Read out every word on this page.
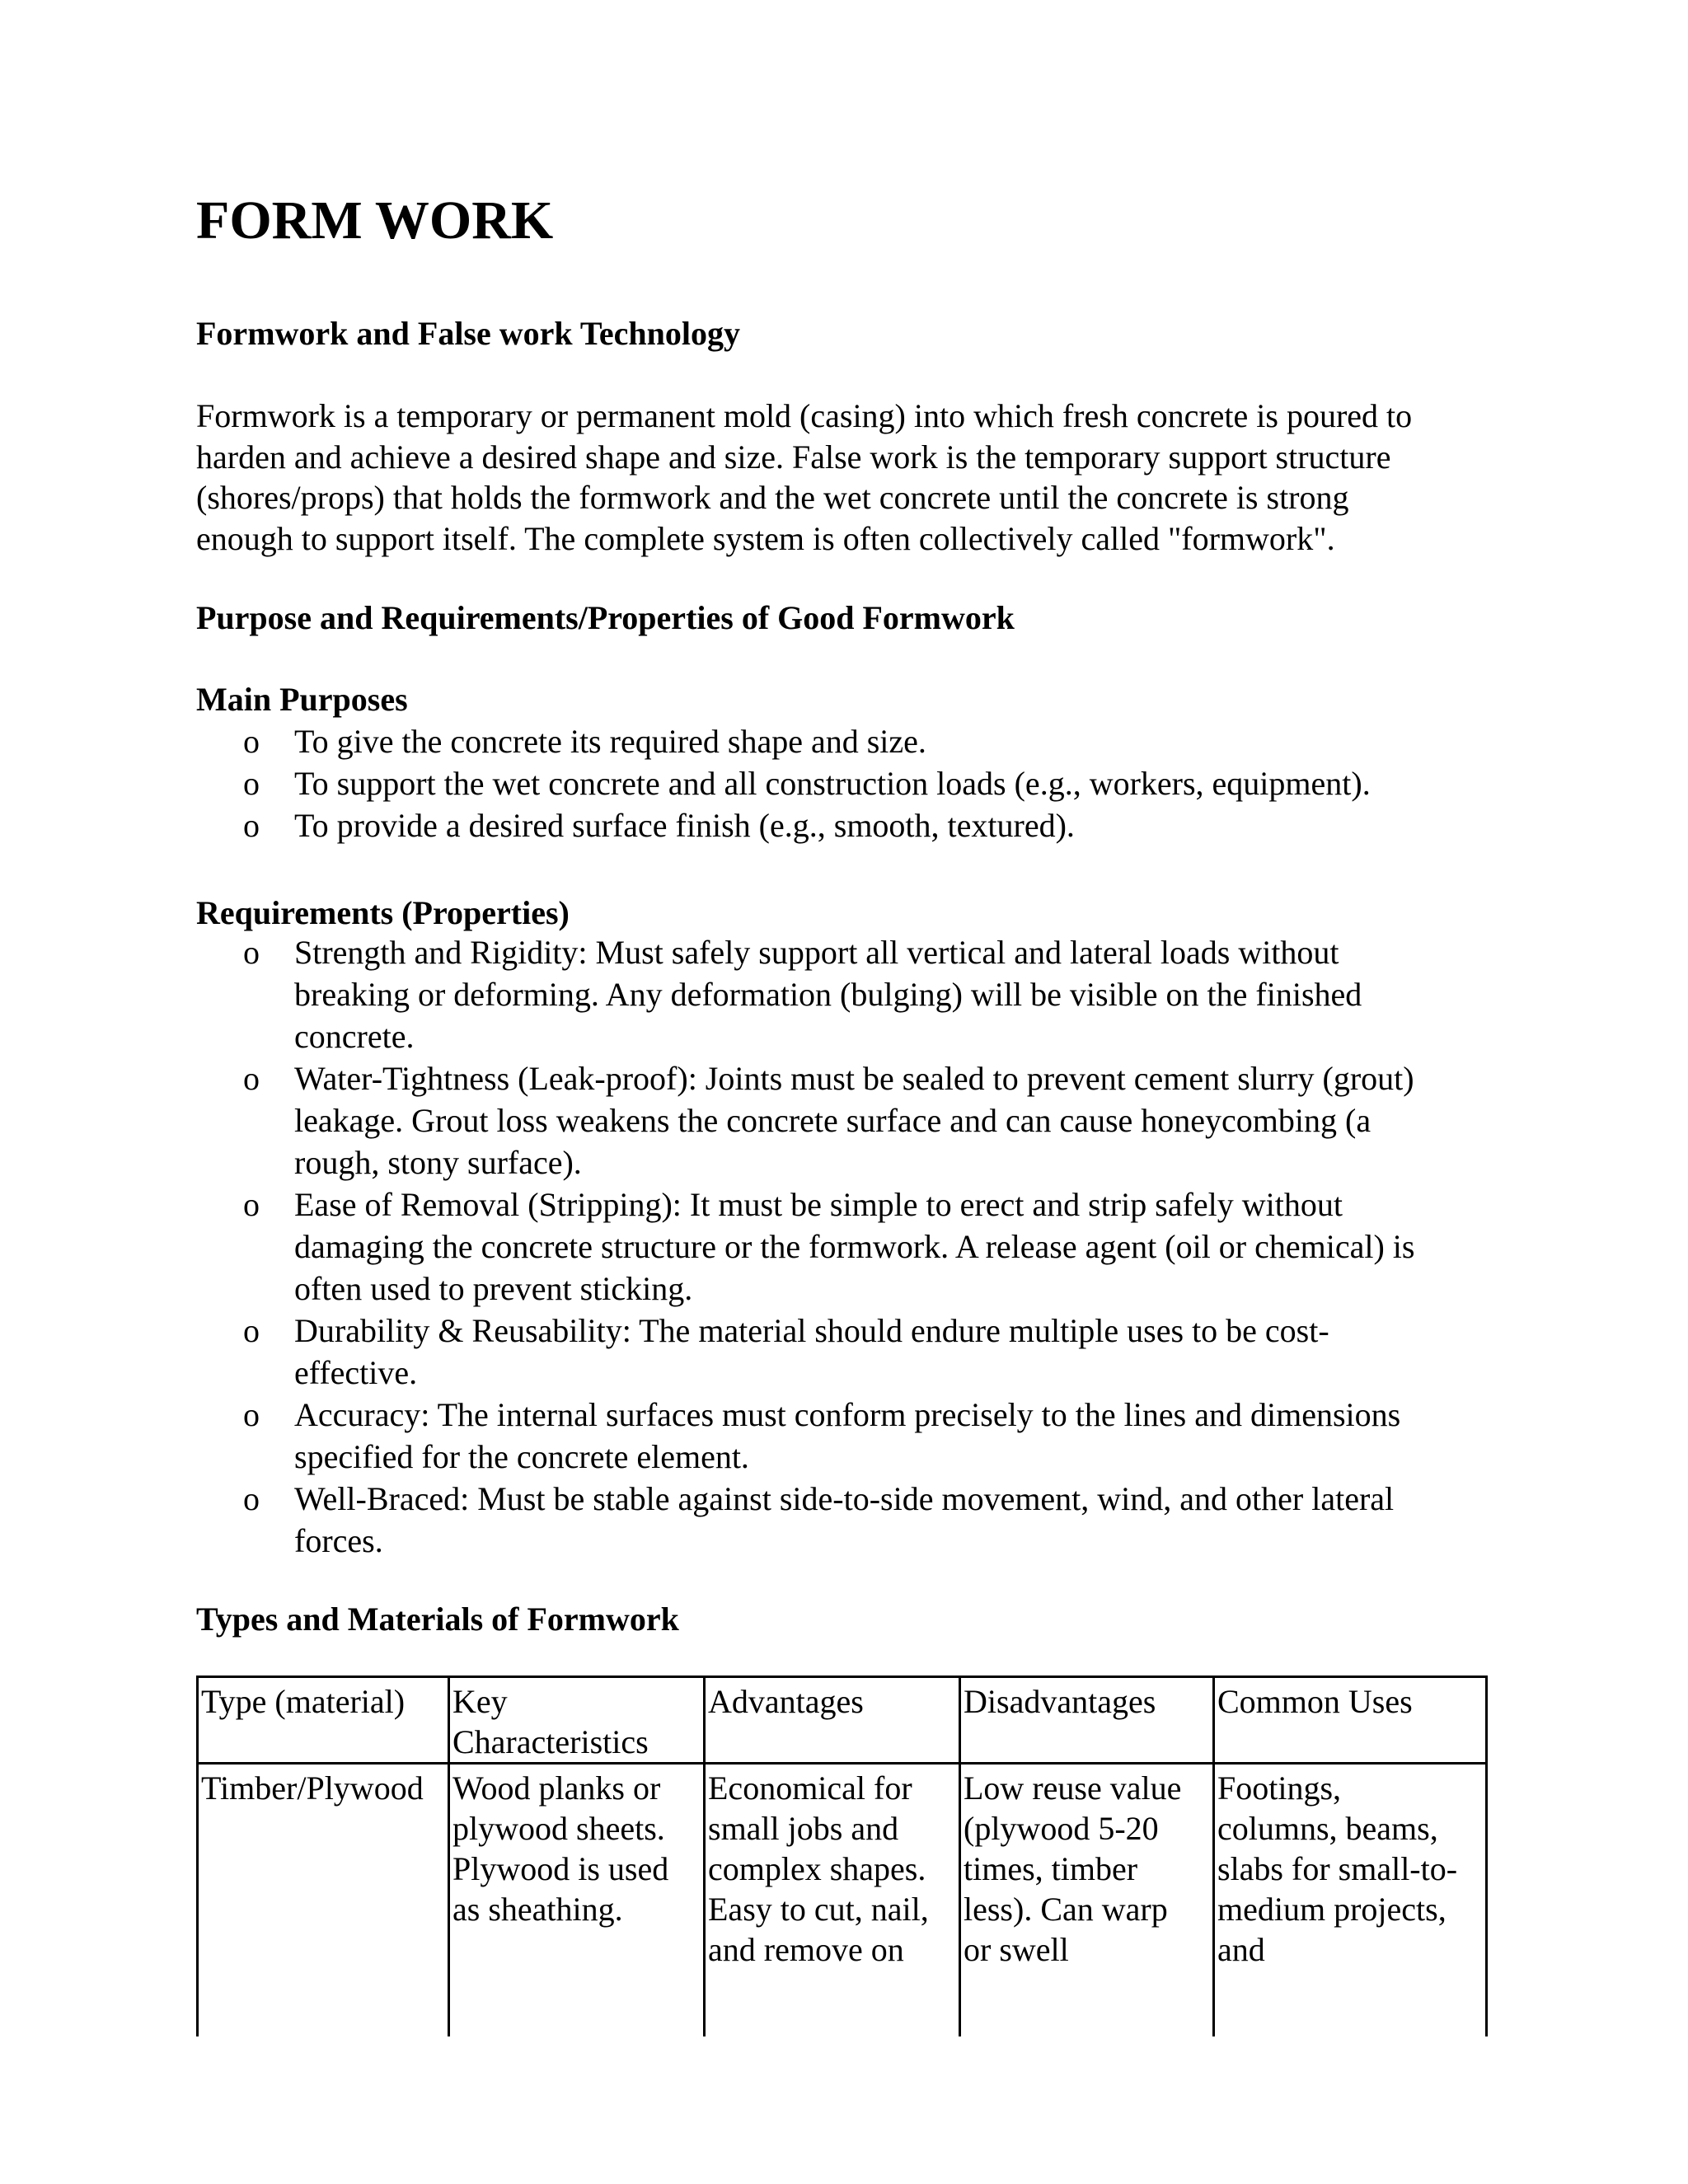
FORM WORK
Formwork and False work Technology

Formwork is a temporary or permanent mold (casing) into which fresh concrete is poured to
harden and achieve a desired shape and size. False work is the temporary support structure
(shores/props) that holds the formwork and the wet concrete until the concrete is strong
enough to support itself. The complete system is often collectively called "formwork".

Purpose and Requirements/Properties of Good Formwork
Main Purposes
o To give the concrete its required shape and size.
o To support the wet concrete and all construction loads (e.g., workers, equipment).
o To provide a desired surface finish (e.g., smooth, textured).
Requirements (Properties)
o Strength and Rigidity: Must safely support all vertical and lateral loads without
breaking or deforming. Any deformation (bulging) will be visible on the finished
concrete.
o Water-Tightness (Leak-proof): Joints must be sealed to prevent cement slurry (grout)
leakage. Grout loss weakens the concrete surface and can cause honeycombing (a
rough, stony surface).
o Ease of Removal (Stripping): It must be simple to erect and strip safely without
damaging the concrete structure or the formwork. A release agent (oil or chemical) is
often used to prevent sticking.
o Durability & Reusability: The material should endure multiple uses to be cost-
effective.
o Accuracy: The internal surfaces must conform precisely to the lines and dimensions
specified for the concrete element.
o Well-Braced: Must be stable against side-to-side movement, wind, and other lateral
forces.
Types and Materials of Formwork
Type (material)	Key
Characteristics	Advantages	Disadvantages	Common Uses

Timber/Plywood	Wood planks or
plywood sheets.
Plywood is used
as sheathing.	Economical for
small jobs and
complex shapes.
Easy to cut, nail,
and remove on	Low reuse value
(plywood 5-20
times, timber
less). Can warp
or swell	Footings,
columns, beams,
slabs for small-to-
medium projects,
and
